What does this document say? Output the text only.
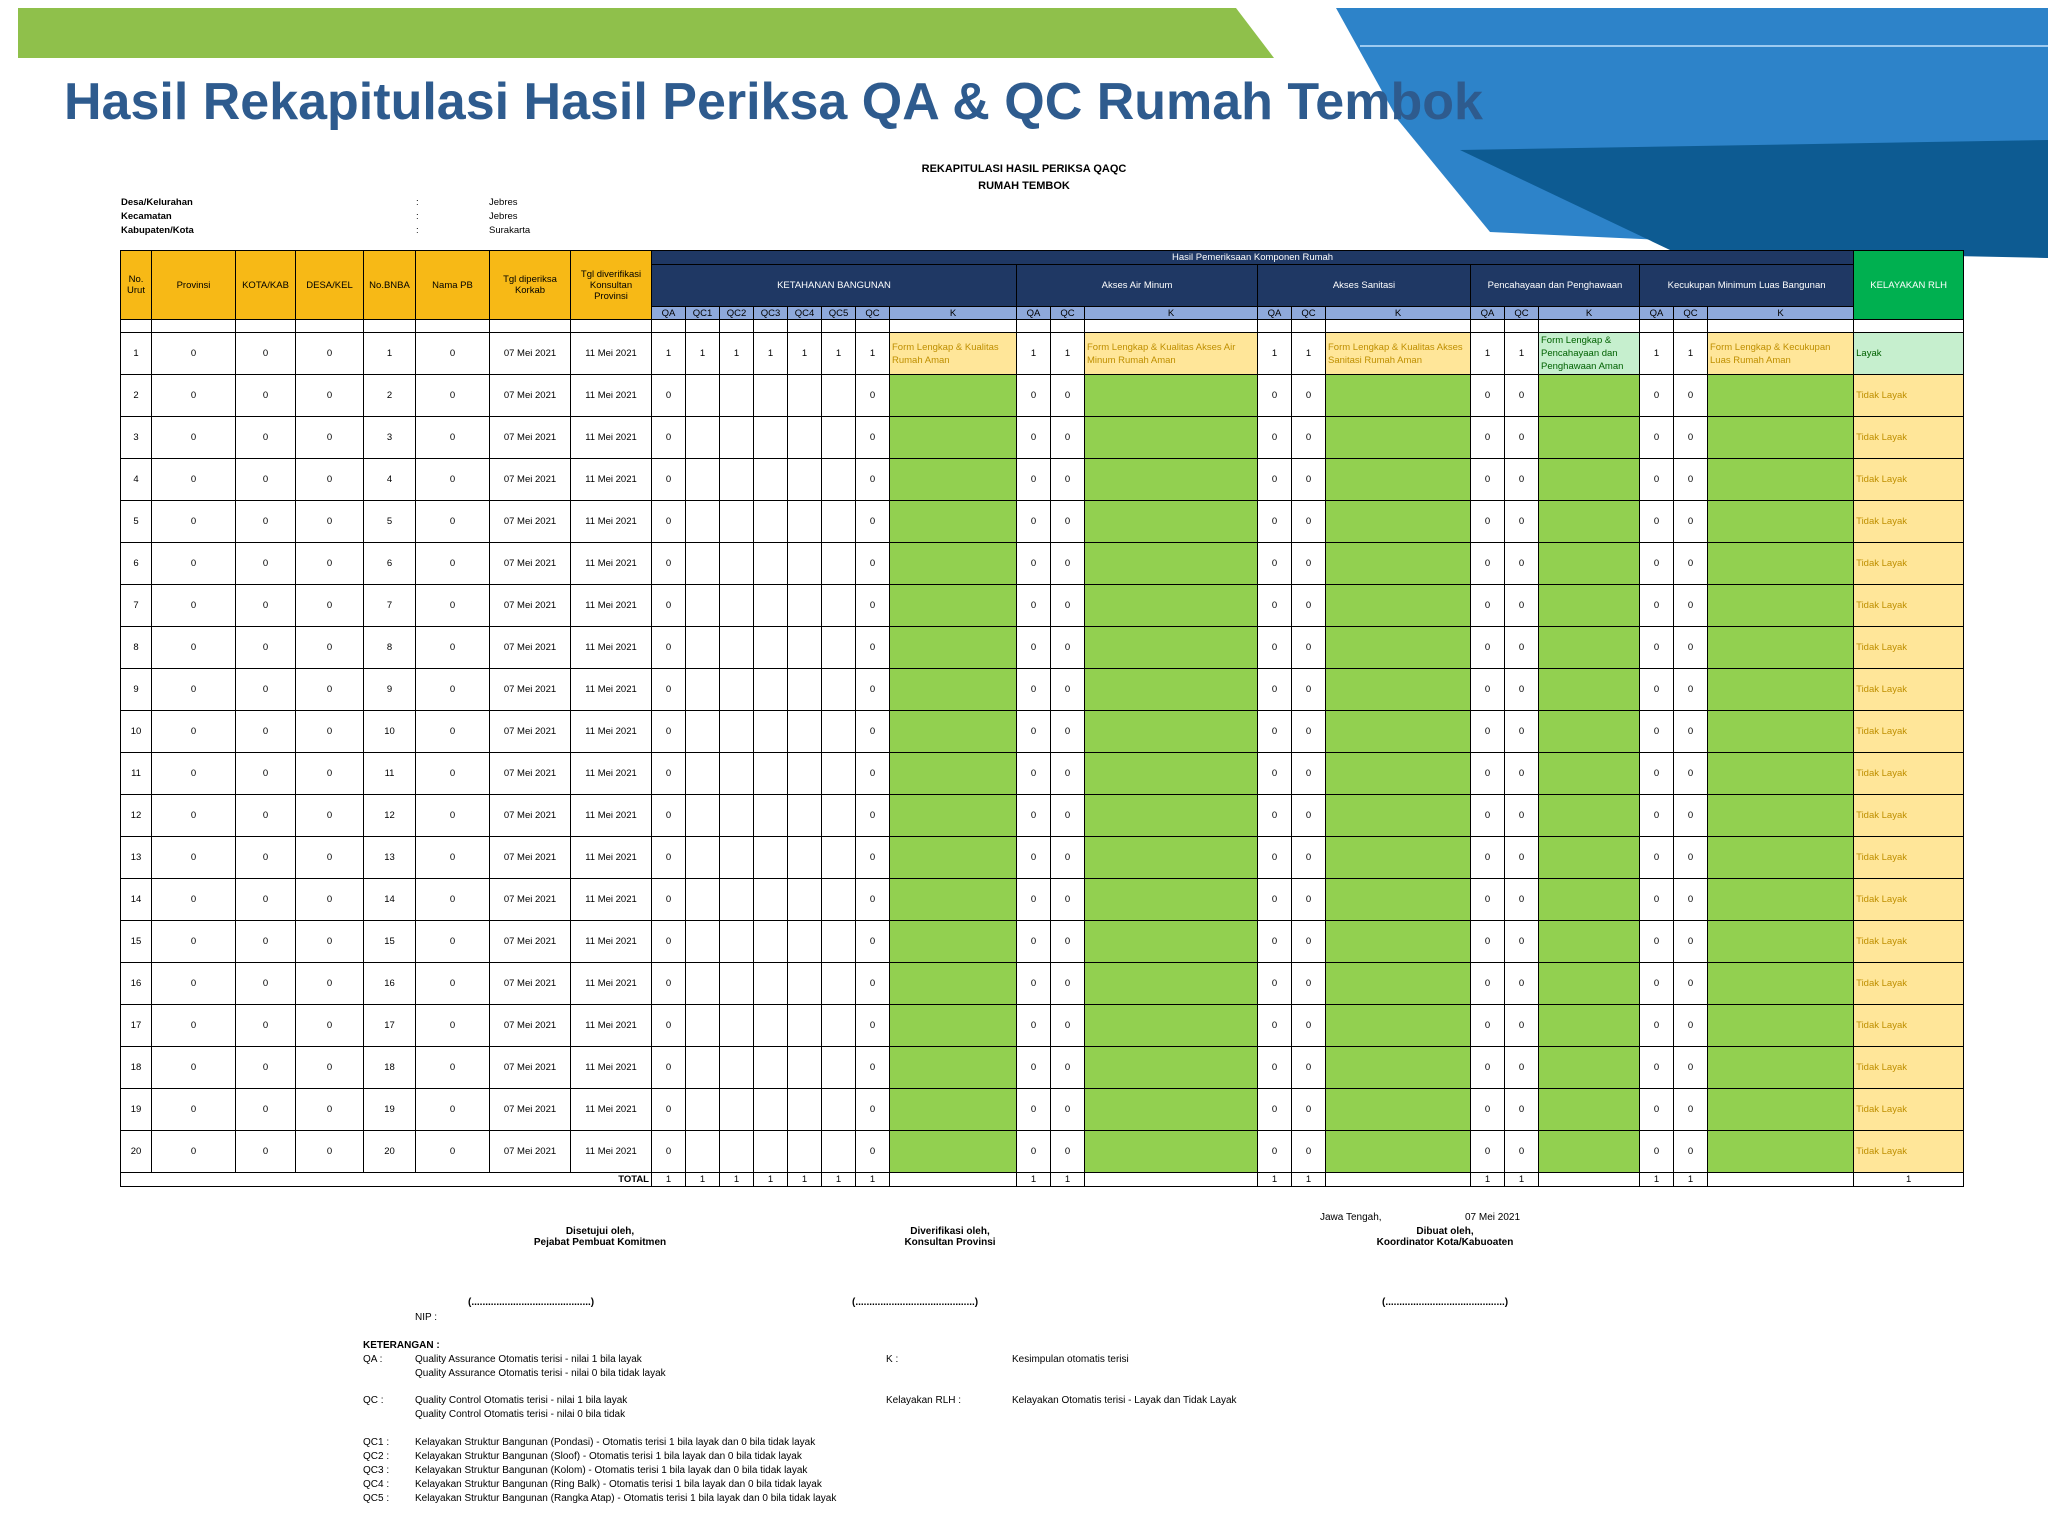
Hasil Rekapitulasi Hasil Periksa QA & QC Rumah Tembok
REKAPITULASI HASIL PERIKSA QAQC
RUMAH TEMBOK
Desa/Kelurahan	:	Jebres
Kecamatan	:	Jebres
Kabupaten/Kota	:	Surakarta
No. Urut	Provinsi	KOTA/KAB	DESA/KEL	No.BNBA	Nama PB	Tgl diperiksa Korkab	Tgl diverifikasi Konsultan Provinsi	Hasil Pemeriksaan Komponen Rumah																				KELAYAKAN RLH
								KETAHANAN BANGUNAN								Akses Air Minum			Akses Sanitasi			Pencahayaan dan Penghawaan			Kecukupan Minimum Luas Bangunan			
								QA	QC1	QC2	QC3	QC4	QC5	QC	K	QA	QC	K	QA	QC	K	QA	QC	K	QA	QC	K	

1	0	0	0	1	0	07 Mei 2021	11 Mei 2021	1	1	1	1	1	1	1	Form Lengkap & Kualitas Rumah Aman	1	1	Form Lengkap & Kualitas Akses Air Minum Rumah Aman	1	1	Form Lengkap & Kualitas Akses Sanitasi Rumah Aman	1	1	Form Lengkap & Pencahayaan dan Penghawaan Aman	1	1	Form Lengkap & Kecukupan Luas Rumah Aman	Layak
2	0	0	0	2	0	07 Mei 2021	11 Mei 2021	0						0		0	0		0	0		0	0		0	0		Tidak Layak
3	0	0	0	3	0	07 Mei 2021	11 Mei 2021	0						0		0	0		0	0		0	0		0	0		Tidak Layak
4	0	0	0	4	0	07 Mei 2021	11 Mei 2021	0						0		0	0		0	0		0	0		0	0		Tidak Layak
5	0	0	0	5	0	07 Mei 2021	11 Mei 2021	0						0		0	0		0	0		0	0		0	0		Tidak Layak
6	0	0	0	6	0	07 Mei 2021	11 Mei 2021	0						0		0	0		0	0		0	0		0	0		Tidak Layak
7	0	0	0	7	0	07 Mei 2021	11 Mei 2021	0						0		0	0		0	0		0	0		0	0		Tidak Layak
8	0	0	0	8	0	07 Mei 2021	11 Mei 2021	0						0		0	0		0	0		0	0		0	0		Tidak Layak
9	0	0	0	9	0	07 Mei 2021	11 Mei 2021	0						0		0	0		0	0		0	0		0	0		Tidak Layak
10	0	0	0	10	0	07 Mei 2021	11 Mei 2021	0						0		0	0		0	0		0	0		0	0		Tidak Layak
11	0	0	0	11	0	07 Mei 2021	11 Mei 2021	0						0		0	0		0	0		0	0		0	0		Tidak Layak
12	0	0	0	12	0	07 Mei 2021	11 Mei 2021	0						0		0	0		0	0		0	0		0	0		Tidak Layak
13	0	0	0	13	0	07 Mei 2021	11 Mei 2021	0						0		0	0		0	0		0	0		0	0		Tidak Layak
14	0	0	0	14	0	07 Mei 2021	11 Mei 2021	0						0		0	0		0	0		0	0		0	0		Tidak Layak
15	0	0	0	15	0	07 Mei 2021	11 Mei 2021	0						0		0	0		0	0		0	0		0	0		Tidak Layak
16	0	0	0	16	0	07 Mei 2021	11 Mei 2021	0						0		0	0		0	0		0	0		0	0		Tidak Layak
17	0	0	0	17	0	07 Mei 2021	11 Mei 2021	0						0		0	0		0	0		0	0		0	0		Tidak Layak
18	0	0	0	18	0	07 Mei 2021	11 Mei 2021	0						0		0	0		0	0		0	0		0	0		Tidak Layak
19	0	0	0	19	0	07 Mei 2021	11 Mei 2021	0						0		0	0		0	0		0	0		0	0		Tidak Layak
20	0	0	0	20	0	07 Mei 2021	11 Mei 2021	0						0		0	0		0	0		0	0		0	0		Tidak Layak
TOTAL								1	1	1	1	1	1	1		1	1		1	1		1	1		1	1		1
Jawa Tengah,	07 Mei 2021
Disetujui oleh,
Pejabat Pembuat Komitmen
Diverifikasi oleh,
Konsultan Provinsi
Dibuat oleh,
Koordinator Kota/Kabuoaten
(...........................................)	(...........................................)	(...........................................)
NIP :
KETERANGAN :
QA :	Quality Assurance Otomatis terisi - nilai 1 bila layak
Quality Assurance Otomatis terisi - nilai 0 bila tidak layak
K :	Kesimpulan otomatis terisi
QC :	Quality Control Otomatis terisi - nilai 1 bila layak
Quality Control Otomatis terisi - nilai 0 bila tidak
Kelayakan RLH :	Kelayakan Otomatis terisi - Layak dan Tidak Layak
QC1 :	Kelayakan Struktur Bangunan (Pondasi) - Otomatis terisi 1 bila layak dan 0 bila tidak layak
QC2 :	Kelayakan Struktur Bangunan (Sloof) - Otomatis terisi 1 bila layak dan 0 bila tidak layak
QC3 :	Kelayakan Struktur Bangunan (Kolom) - Otomatis terisi 1 bila layak dan 0 bila tidak layak
QC4 :	Kelayakan Struktur Bangunan (Ring Balk) - Otomatis terisi 1 bila layak dan 0 bila tidak layak
QC5 :	Kelayakan Struktur Bangunan (Rangka Atap) - Otomatis terisi 1 bila layak dan 0 bila tidak layak
